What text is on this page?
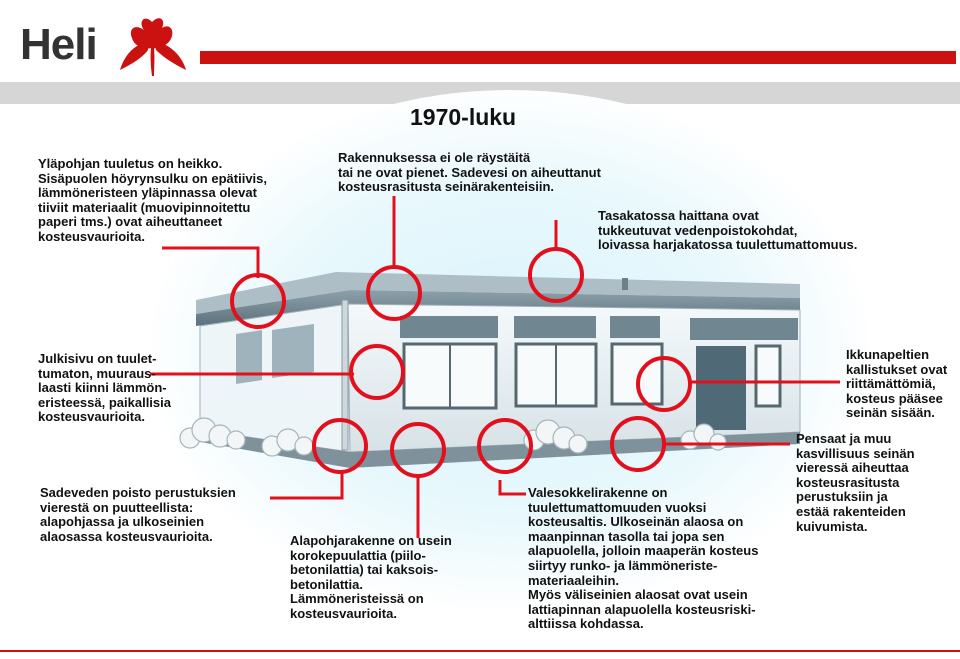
Heli
1970-luku
Yläpohjan tuuletus on heikko.
Sisäpuolen höyrynsulku on epätiivis,
lämmöneristeen yläpinnassa olevat
tiiviit materiaalit (muovipinnoitettu
paperi tms.) ovat aiheuttaneet
kosteusvaurioita.
Rakennuksessa ei ole räystäitä
tai ne ovat pienet. Sadevesi on aiheuttanut
kosteusrasitusta seinärakenteisiin.
Tasakatossa haittana ovat
tukkeutuvat vedenpoistokohdat,
loivassa harjakatossa tuulettumattomuus.
Julkisivu on tuulet-
tumaton, muuraus-
laasti kiinni lämmön-
eristeessä, paikallisia
kosteusvaurioita.
Ikkunapeltien
kallistukset ovat
riittämättömiä,
kosteus pääsee
seinän sisään.
Pensaat ja muu
kasvillisuus seinän
vieressä aiheuttaa
kosteusrasitusta
perustuksiin ja
estää rakenteiden
kuivumista.
Sadeveden poisto perustuksien
vierestä on puutteellista:
alapohjassa ja ulkoseinien
alaosassa kosteusvaurioita.	Alapohjarakenne on usein
korokepuulattia (piilo-
betonilattia) tai kaksois-
betonilattia.
Lämmöneristeissä on
kosteusvaurioita.
Valesokkelirakenne on
tuulettumattomuuden vuoksi
kosteusaltis. Ulkoseinän alaosa on
maanpinnan tasolla tai jopa sen
alapuolella, jolloin maaperän kosteus
siirtyy runko- ja lämmöneriste-
materiaaleihin.
Myös väliseinien alaosat ovat usein
lattiapinnan alapuolella kosteusriski-
alttiissa kohdassa.
